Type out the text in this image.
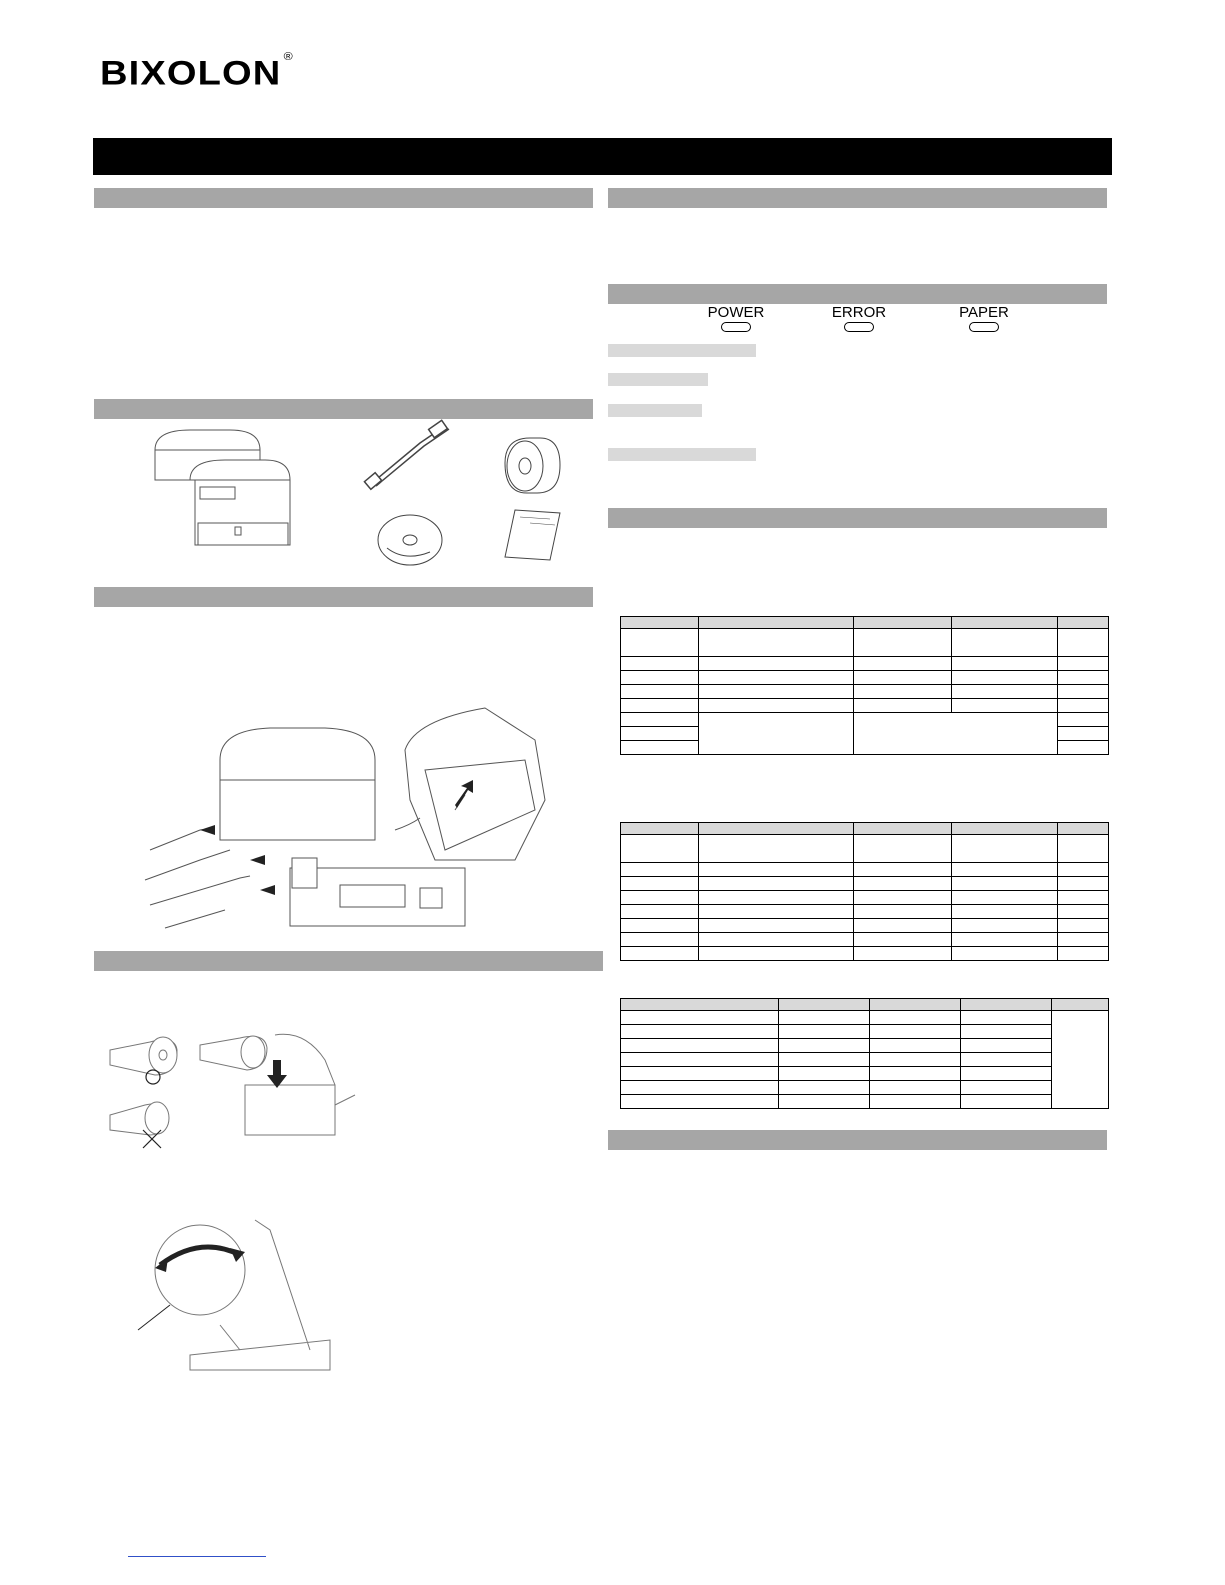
BIXOLON ®
POWER	ERROR	PAPER
